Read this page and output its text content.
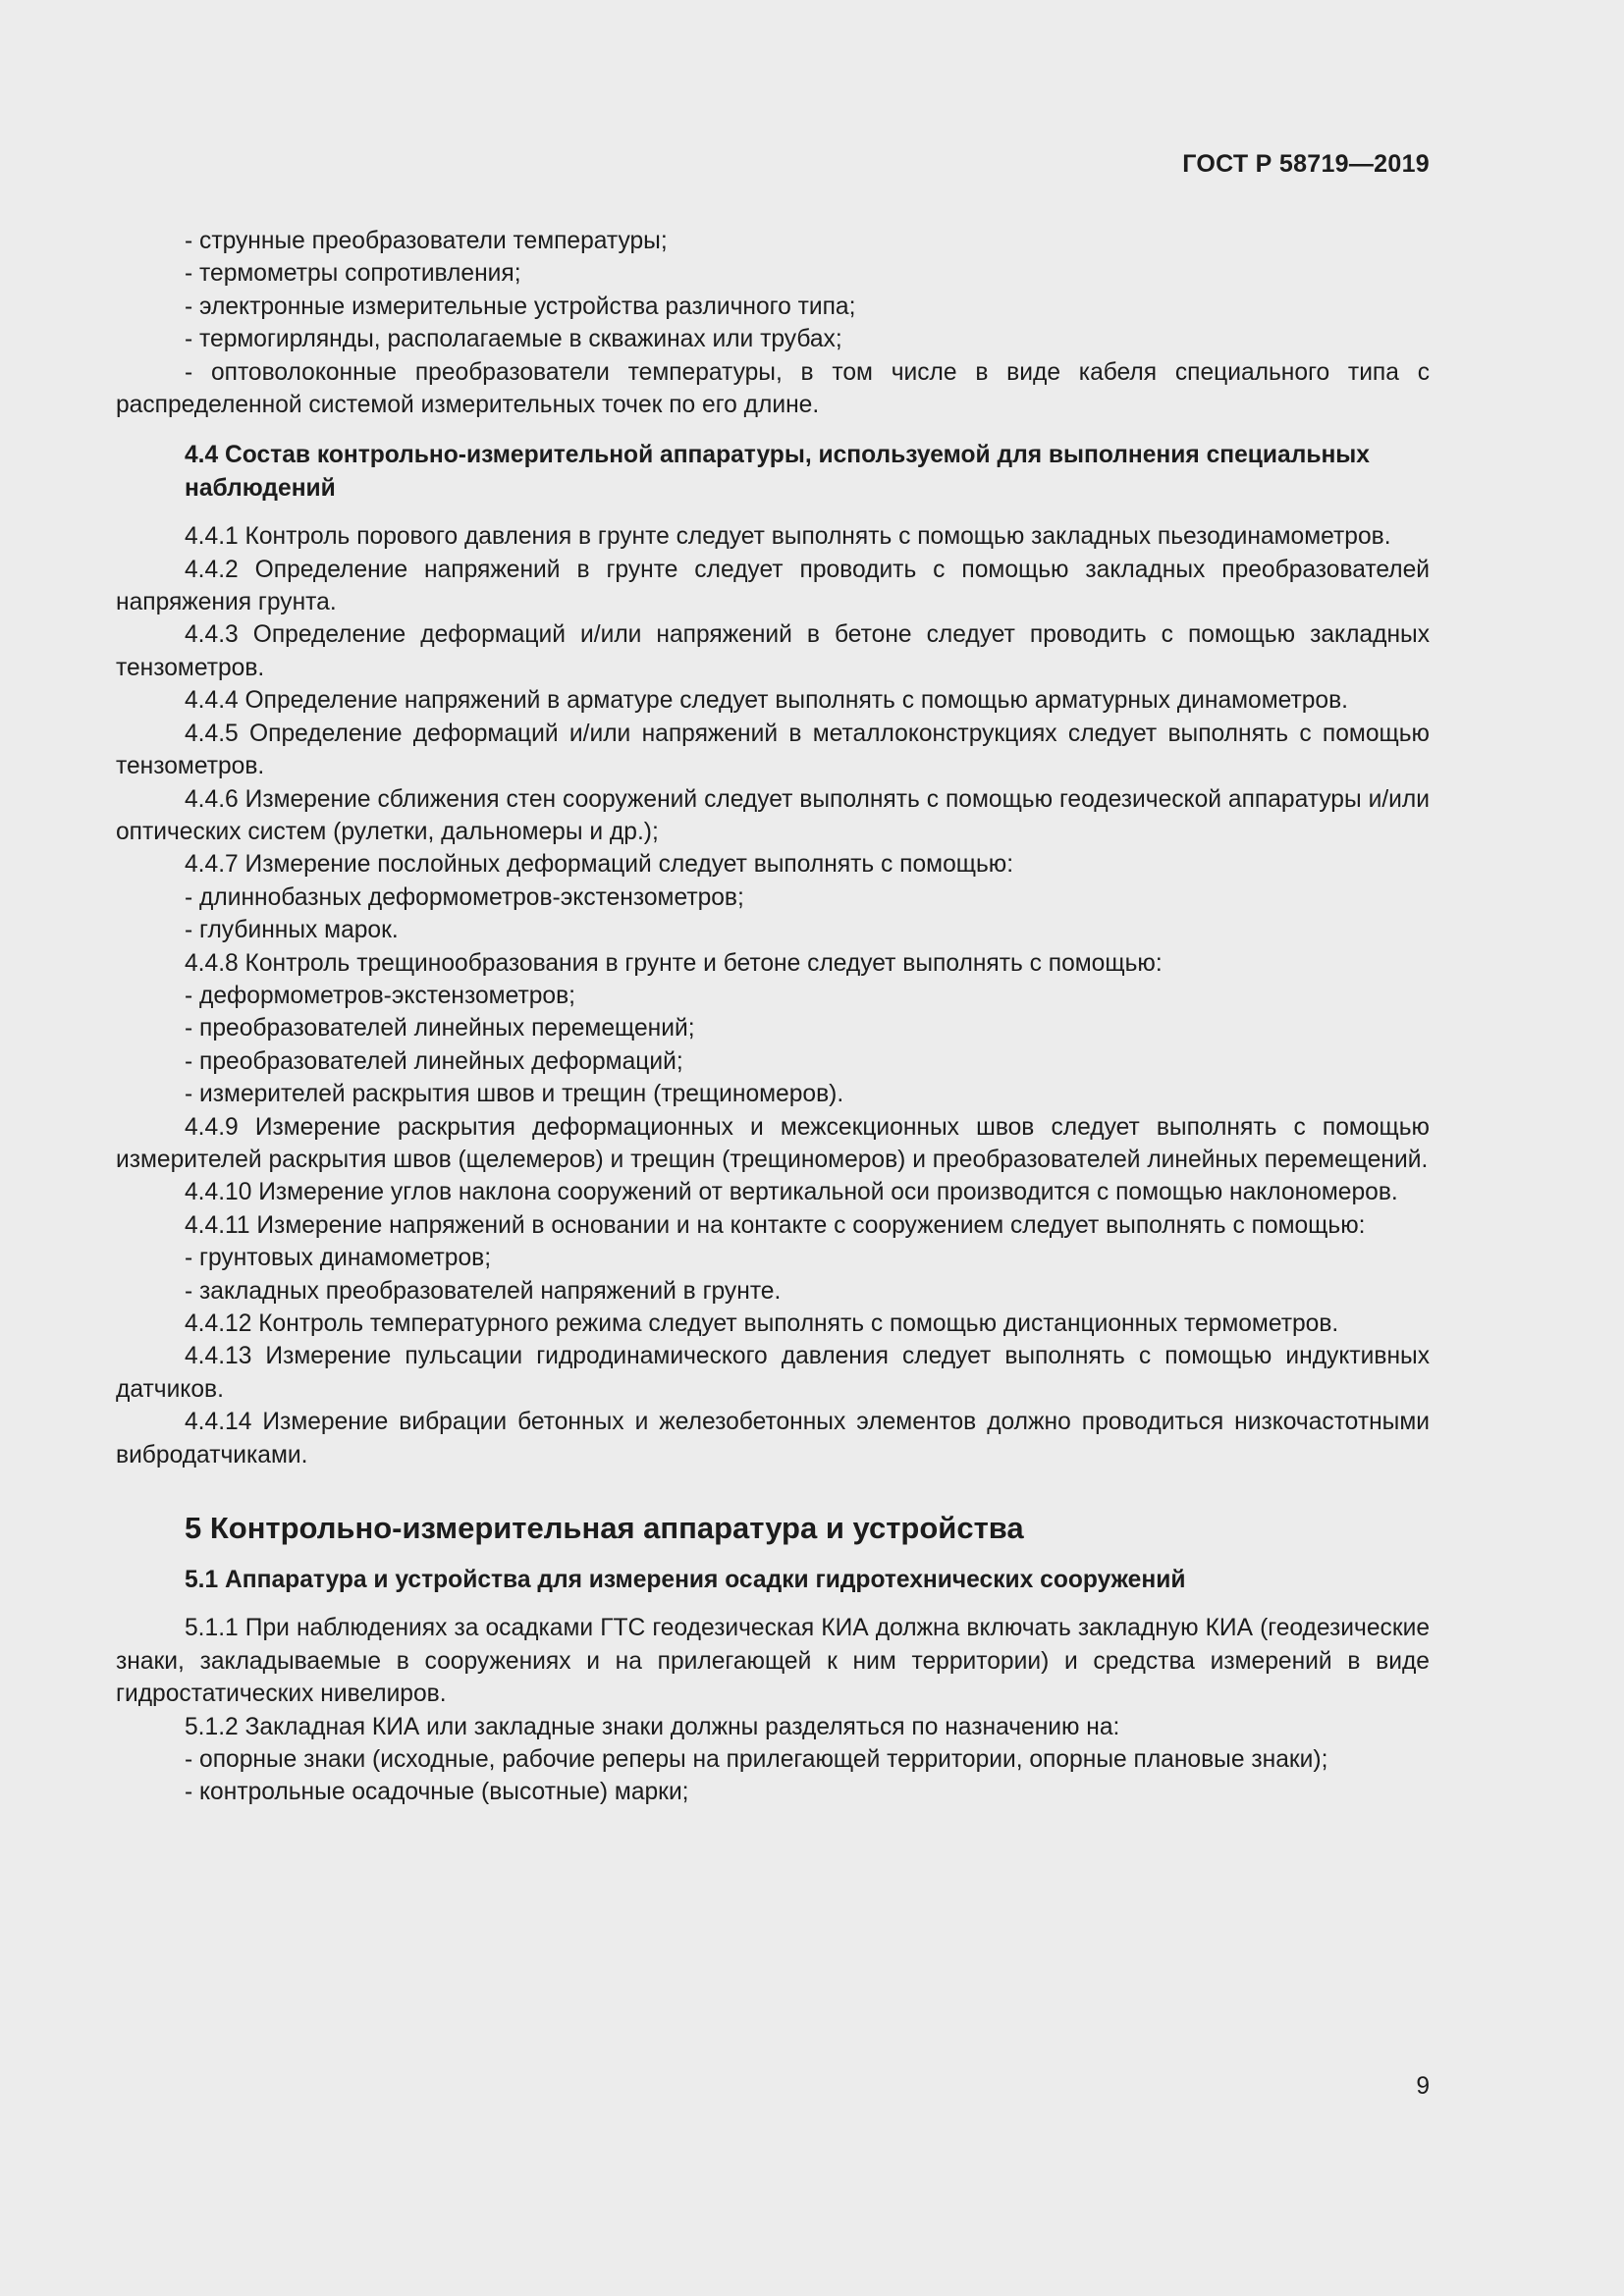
ГОСТ Р 58719—2019

- струнные преобразователи температуры;

- термометры сопротивления;

- электронные измерительные устройства различного типа;

- термогирлянды, располагаемые в скважинах или трубах;

- оптоволоконные преобразователи температуры, в том числе в виде кабеля специального типа с распределенной системой измерительных точек по его длине.

4.4 Состав контрольно-измерительной аппаратуры, используемой для выполнения специальных наблюдений

4.4.1 Контроль порового давления в грунте следует выполнять с помощью закладных пьезодинамометров.

4.4.2 Определение напряжений в грунте следует проводить с помощью закладных преобразователей напряжения грунта.

4.4.3 Определение деформаций и/или напряжений в бетоне следует проводить с помощью закладных тензометров.

4.4.4 Определение напряжений в арматуре следует выполнять с помощью арматурных динамометров.

4.4.5 Определение деформаций и/или напряжений в металлоконструкциях следует выполнять с помощью тензометров.

4.4.6 Измерение сближения стен сооружений следует выполнять с помощью геодезической аппаратуры и/или оптических систем (рулетки, дальномеры и др.);

4.4.7 Измерение послойных деформаций следует выполнять с помощью:

- длиннобазных деформометров-экстензометров;

- глубинных марок.

4.4.8 Контроль трещинообразования в грунте и бетоне следует выполнять с помощью:

- деформометров-экстензометров;

- преобразователей линейных перемещений;

- преобразователей линейных деформаций;

- измерителей раскрытия швов и трещин (трещиномеров).

4.4.9 Измерение раскрытия деформационных и межсекционных швов следует выполнять с помощью измерителей раскрытия швов (щелемеров) и трещин (трещиномеров) и преобразователей линейных перемещений.

4.4.10 Измерение углов наклона сооружений от вертикальной оси производится с помощью наклономеров.

4.4.11 Измерение напряжений в основании и на контакте с сооружением следует выполнять с помощью:

- грунтовых динамометров;

- закладных преобразователей напряжений в грунте.

4.4.12 Контроль температурного режима следует выполнять с помощью дистанционных термометров.

4.4.13 Измерение пульсации гидродинамического давления следует выполнять с помощью индуктивных датчиков.

4.4.14 Измерение вибрации бетонных и железобетонных элементов должно проводиться низкочастотными вибродатчиками.

5 Контрольно-измерительная аппаратура и устройства

5.1 Аппаратура и устройства для измерения осадки гидротехнических сооружений

5.1.1 При наблюдениях за осадками ГТС геодезическая КИА должна включать закладную КИА (геодезические знаки, закладываемые в сооружениях и на прилегающей к ним территории) и средства измерений в виде гидростатических нивелиров.

5.1.2 Закладная КИА или закладные знаки должны разделяться по назначению на:

- опорные знаки (исходные, рабочие реперы на прилегающей территории, опорные плановые знаки);

- контрольные осадочные (высотные) марки;

9
